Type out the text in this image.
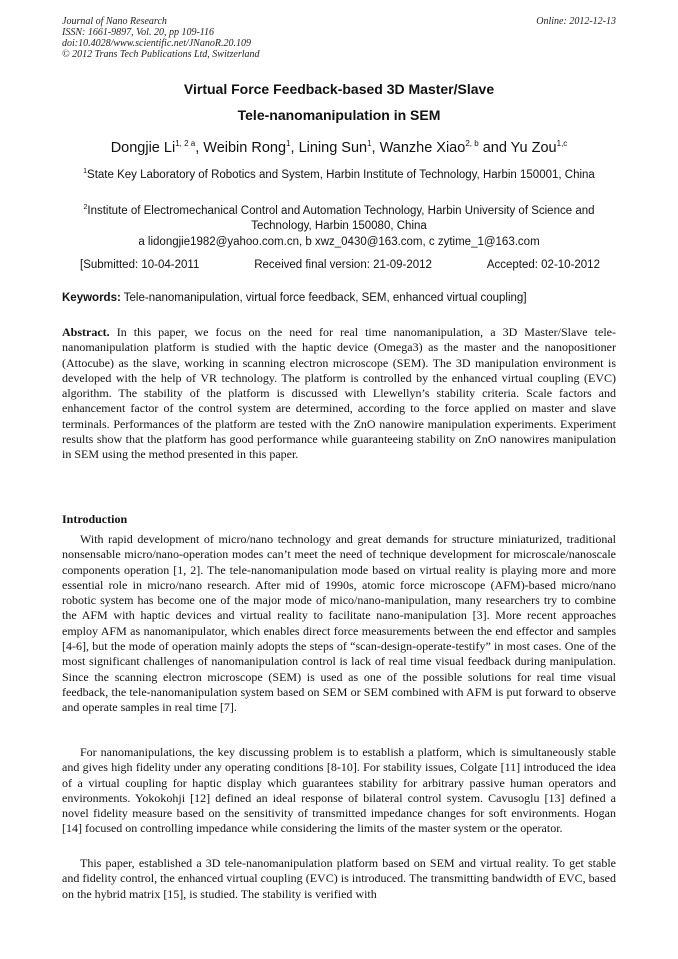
Journal of Nano Research
ISSN: 1661-9897, Vol. 20, pp 109-116
doi:10.4028/www.scientific.net/JNanoR.20.109
© 2012 Trans Tech Publications Ltd, Switzerland
Online: 2012-12-13
Virtual Force Feedback-based 3D Master/Slave
Tele-nanomanipulation in SEM
Dongjie $Li^{1, 2 a}$, Weibin Rong$^1$, Lining Sun$^1$, Wanzhe Xiao$^{2, b}$ and Yu Zou$^{1,c}$
$^1$State Key Laboratory of Robotics and System, Harbin Institute of Technology, Harbin 150001, China
$^2$Institute of Electromechanical Control and Automation Technology, Harbin University of Science and Technology, Harbin 150080, China
a lidongjie1982@yahoo.com.cn, b xwz_0430@163.com, c zytime_1@163.com
[Submitted: 10-04-2011	Received final version: 21-09-2012	Accepted: 02-10-2012
Keywords: Tele-nanomanipulation, virtual force feedback, SEM, enhanced virtual coupling]
Abstract. In this paper, we focus on the need for real time nanomanipulation, a 3D Master/Slave tele-nanomanipulation platform is studied with the haptic device (Omega3) as the master and the nanopositioner (Attocube) as the slave, working in scanning electron microscope (SEM). The 3D manipulation environment is developed with the help of VR technology. The platform is controlled by the enhanced virtual coupling (EVC) algorithm. The stability of the platform is discussed with Llewellyn’s stability criteria. Scale factors and enhancement factor of the control system are determined, according to the force applied on master and slave terminals. Performances of the platform are tested with the ZnO nanowire manipulation experiments. Experiment results show that the platform has good performance while guaranteeing stability on ZnO nanowires manipulation in SEM using the method presented in this paper.
Introduction
With rapid development of micro/nano technology and great demands for structure miniaturized, traditional nonsensable micro/nano-operation modes can’t meet the need of technique development for microscale/nanoscale components operation [1, 2]. The tele-nanomanipulation mode based on virtual reality is playing more and more essential role in micro/nano research. After mid of 1990s, atomic force microscope (AFM)-based micro/nano robotic system has become one of the major mode of mico/nano-manipulation, many researchers try to combine the AFM with haptic devices and virtual reality to facilitate nano-manipulation [3]. More recent approaches employ AFM as nanomanipulator, which enables direct force measurements between the end effector and samples [4-6], but the mode of operation mainly adopts the steps of “scan-design-operate-testify” in most cases. One of the most significant challenges of nanomanipulation control is lack of real time visual feedback during manipulation. Since the scanning electron microscope (SEM) is used as one of the possible solutions for real time visual feedback, the tele-nanomanipulation system based on SEM or SEM combined with AFM is put forward to observe and operate samples in real time [7].
For nanomanipulations, the key discussing problem is to establish a platform, which is simultaneously stable and gives high fidelity under any operating conditions [8-10]. For stability issues, Colgate [11] introduced the idea of a virtual coupling for haptic display which guarantees stability for arbitrary passive human operators and environments. Yokokohji [12] defined an ideal response of bilateral control system. Cavusoglu [13] defined a novel fidelity measure based on the sensitivity of transmitted impedance changes for soft environments. Hogan [14] focused on controlling impedance while considering the limits of the master system or the operator.
This paper, established a 3D tele-nanomanipulation platform based on SEM and virtual reality. To get stable and fidelity control, the enhanced virtual coupling (EVC) is introduced. The transmitting bandwidth of EVC, based on the hybrid matrix [15], is studied. The stability is verified with
